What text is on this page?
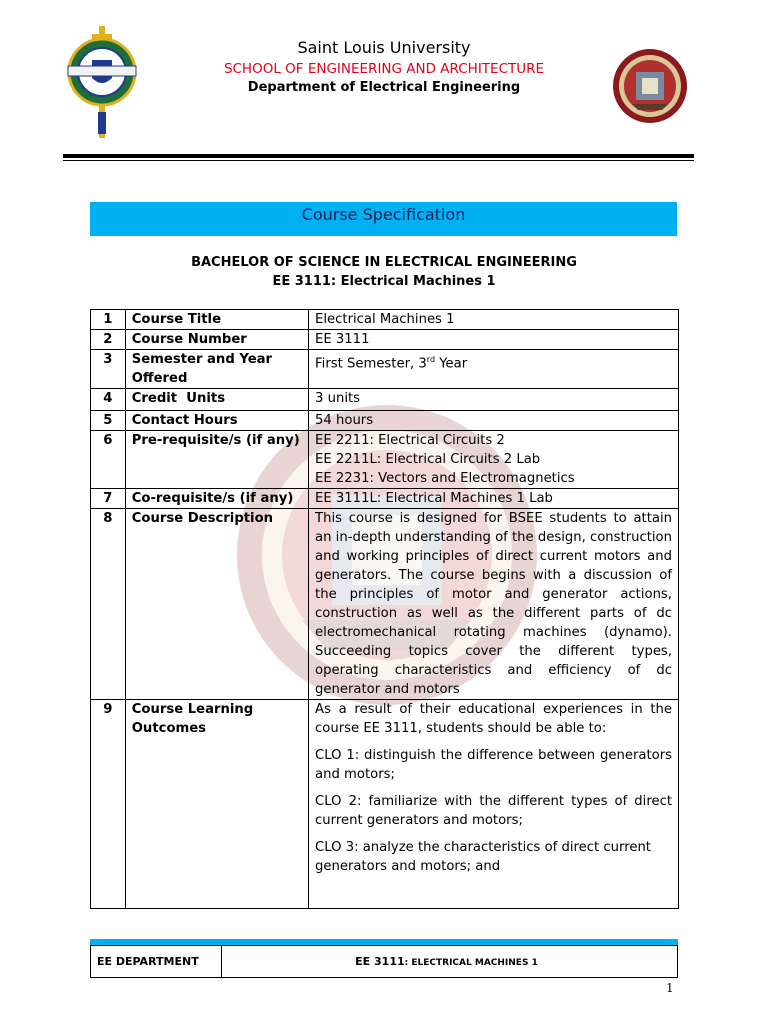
Saint Louis University
SCHOOL OF ENGINEERING AND ARCHITECTURE
Department of Electrical Engineering
Course Specification
BACHELOR OF SCIENCE IN ELECTRICAL ENGINEERING
EE 3111: Electrical Machines 1
1	Course Title	Electrical Machines 1
2	Course Number	EE 3111
3	Semester and Year Offered	First Semester, 3rd Year
4	Credit  Units	3 units
5	Contact Hours	54 hours
6	Pre-requisite/s (if any)	EE 2211: Electrical Circuits 2
EE 2211L: Electrical Circuits 2 Lab
EE 2231: Vectors and Electromagnetics

7	Co-requisite/s (if any)	EE 3111L: Electrical Machines 1 Lab
8	Course Description	This course is designed for BSEE students to attain an in-depth understanding of the design, construction and working principles of direct current motors and generators. The course begins with a discussion of the principles of motor and generator actions, construction as well as the different parts of dc electromechanical rotating machines (dynamo). Succeeding topics cover the different types, operating characteristics and efficiency of dc generator and motors
9	Course Learning Outcomes	As a result of their educational experiences in the course EE 3111, students should be able to:
CLO 1: distinguish the difference between generators and motors;
CLO 2: familiarize with the different types of direct current generators and motors;
CLO 3: analyze the characteristics of direct current generators and motors; and
EE DEPARTMENT	EE 3111: ELECTRICAL MACHINES 1
1
